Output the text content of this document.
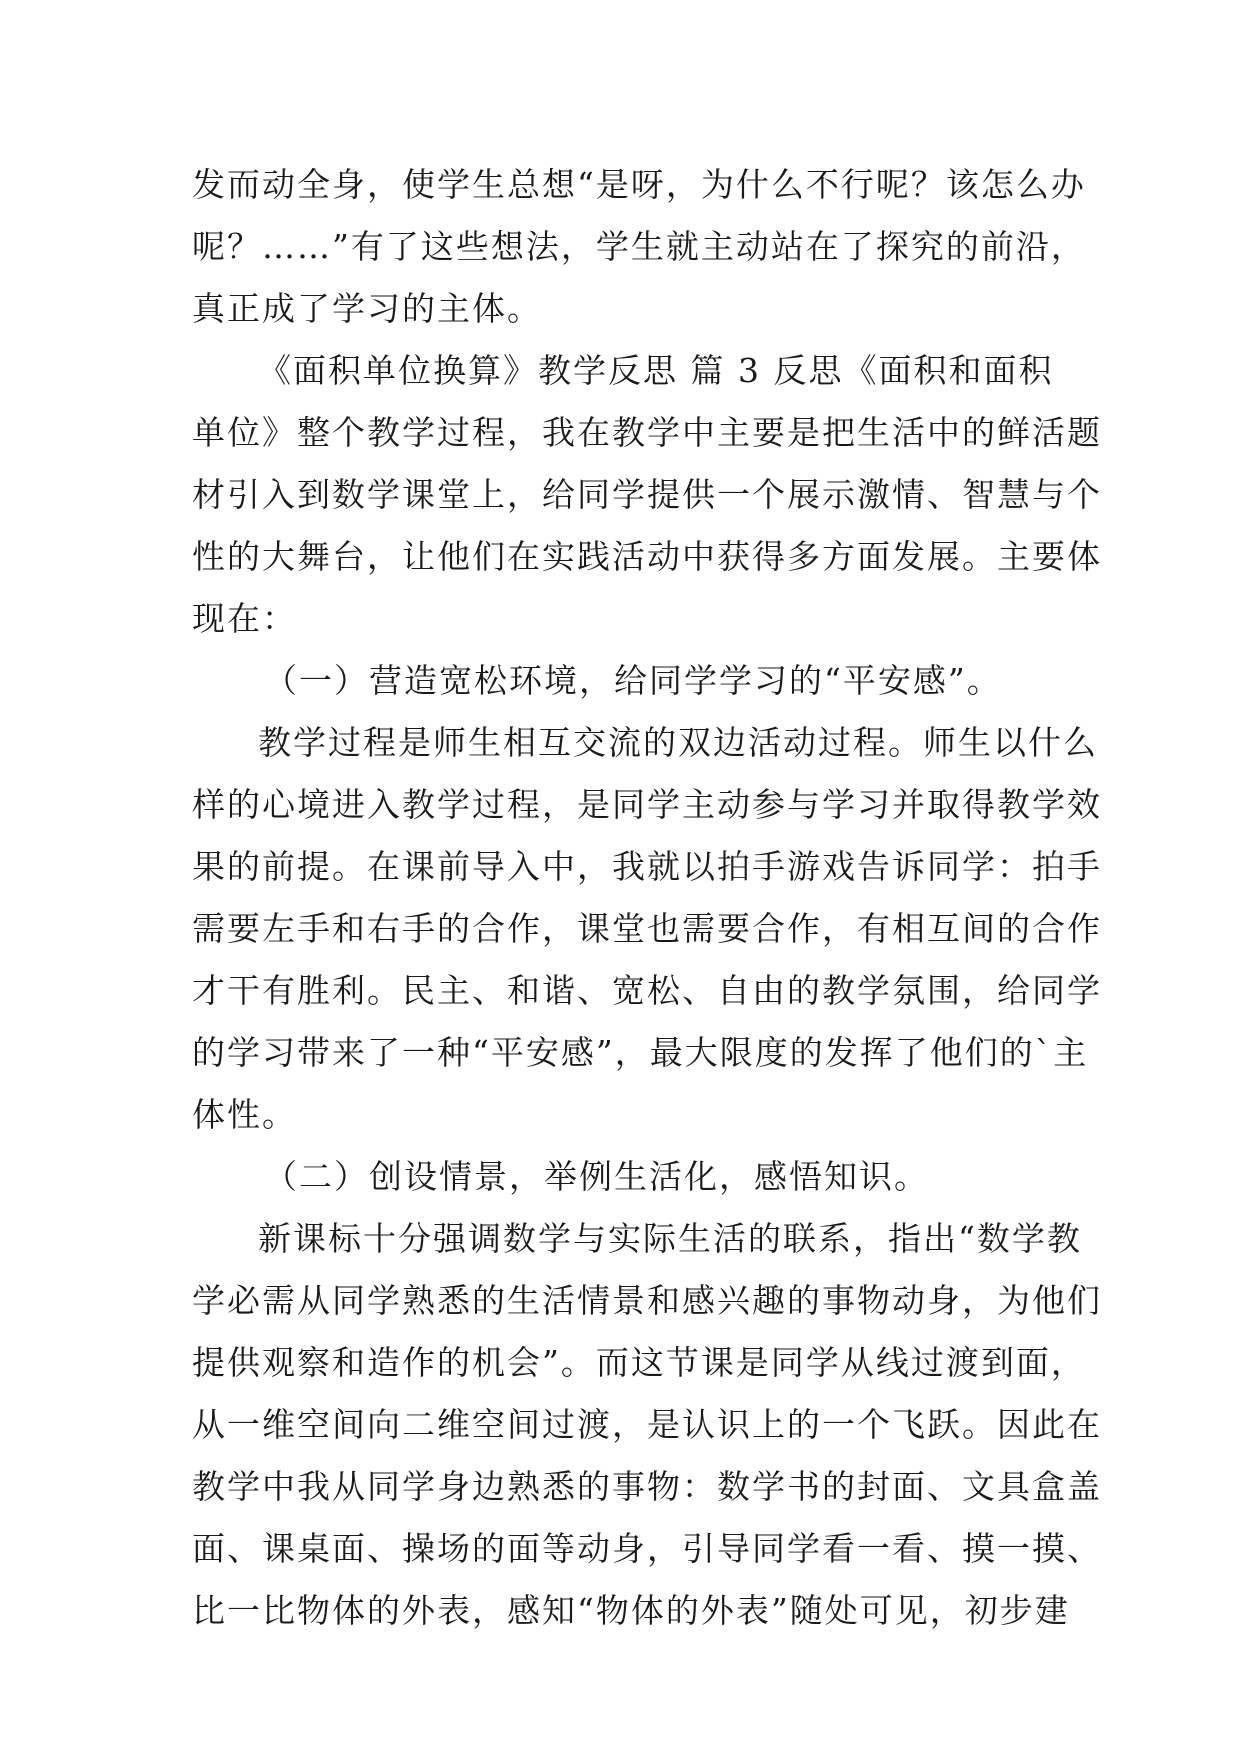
发而动全身，使学生总想“是呀，为什么不行呢？该怎么办
呢？……”有了这些想法，学生就主动站在了探究的前沿，
真正成了学习的主体。
《面积单位换算》教学反思 篇 3 反思《面积和面积
单位》整个教学过程，我在教学中主要是把生活中的鲜活题
材引入到数学课堂上，给同学提供一个展示激情、智慧与个
性的大舞台，让他们在实践活动中获得多方面发展。主要体
现在：
（一）营造宽松环境，给同学学习的“平安感”。
教学过程是师生相互交流的双边活动过程。师生以什么
样的心境进入教学过程，是同学主动参与学习并取得教学效
果的前提。在课前导入中，我就以拍手游戏告诉同学：拍手
需要左手和右手的合作，课堂也需要合作，有相互间的合作
才干有胜利。民主、和谐、宽松、自由的教学氛围，给同学
的学习带来了一种“平安感”，最大限度的发挥了他们的`主
体性。
（二）创设情景，举例生活化，感悟知识。
新课标十分强调数学与实际生活的联系，指出“数学教
学必需从同学熟悉的生活情景和感兴趣的事物动身，为他们
提供观察和造作的机会”。而这节课是同学从线过渡到面，
从一维空间向二维空间过渡，是认识上的一个飞跃。因此在
教学中我从同学身边熟悉的事物：数学书的封面、文具盒盖
面、课桌面、操场的面等动身，引导同学看一看、摸一摸、
比一比物体的外表，感知“物体的外表”随处可见，初步建
